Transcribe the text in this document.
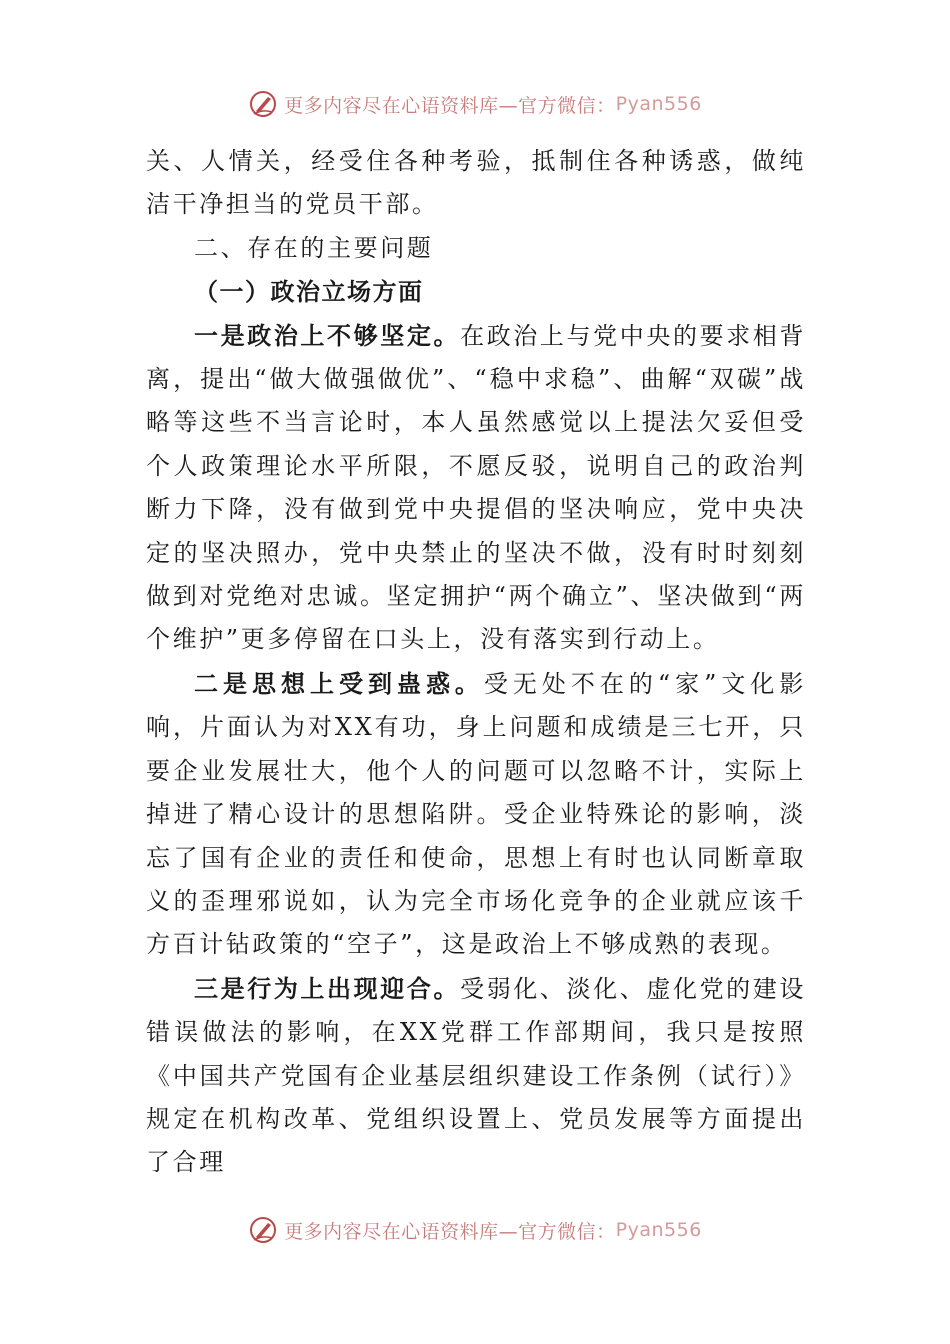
更多内容尽在心语资料库—官方微信： Pyan556

关、人情关，经受住各种考验，抵制住各种诱惑，做纯洁干净担当的党员干部。

二、存在的主要问题

（一）政治立场方面

一是政治上不够坚定。在政治上与党中央的要求相背离，提出“做大做强做优”、“稳中求稳”、曲解“双碳”战略等这些不当言论时，本人虽然感觉以上提法欠妥但受个人政策理论水平所限，不愿反驳，说明自己的政治判断力下降，没有做到党中央提倡的坚决响应，党中央决定的坚决照办，党中央禁止的坚决不做，没有时时刻刻做到对党绝对忠诚。坚定拥护“两个确立”、坚决做到“两个维护”更多停留在口头上，没有落实到行动上。

二是思想上受到蛊惑。受无处不在的“家”文化影响，片面认为对XX有功，身上问题和成绩是三七开，只要企业发展壮大，他个人的问题可以忽略不计，实际上掉进了精心设计的思想陷阱。受企业特殊论的影响，淡忘了国有企业的责任和使命，思想上有时也认同断章取义的歪理邪说如，认为完全市场化竞争的企业就应该千方百计钻政策的“空子”，这是政治上不够成熟的表现。

三是行为上出现迎合。受弱化、淡化、虚化党的建设错误做法的影响，在XX党群工作部期间，我只是按照《中国共产党国有企业基层组织建设工作条例（试行）》规定在机构改革、党组织设置上、党员发展等方面提出了合理

更多内容尽在心语资料库—官方微信： Pyan556
